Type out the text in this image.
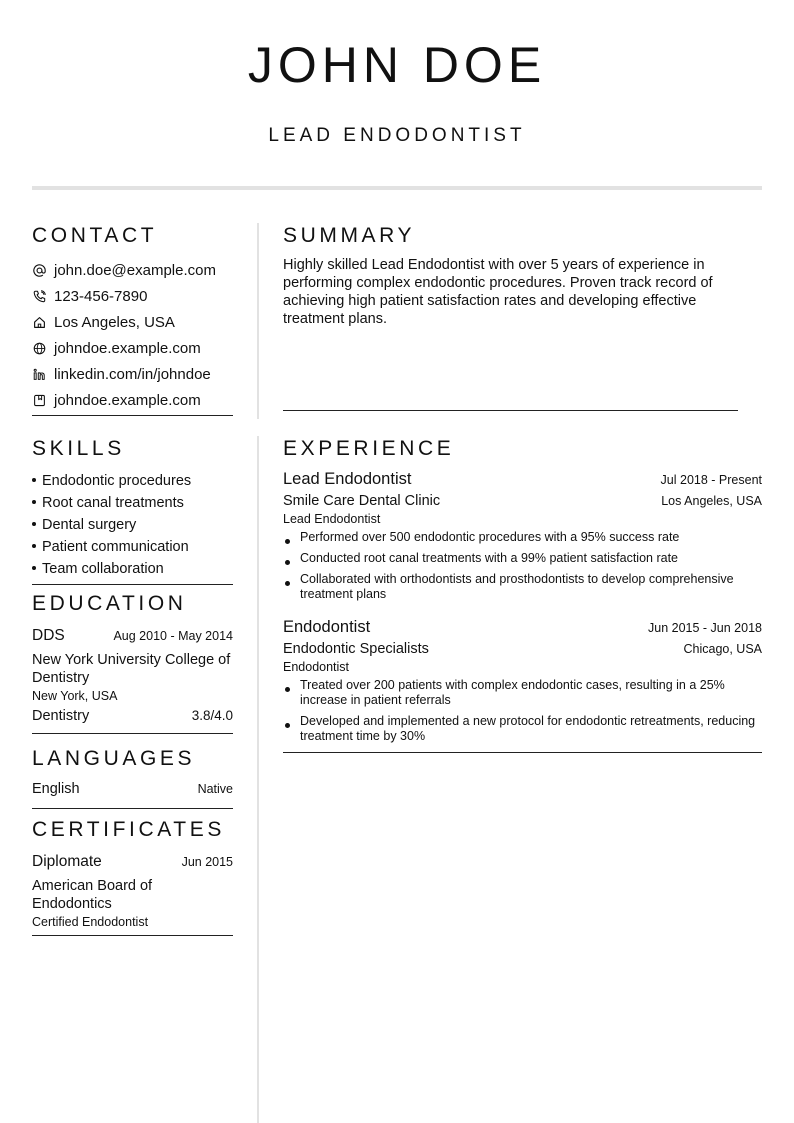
JOHN DOE
LEAD ENDODONTIST
CONTACT
john.doe@example.com
123-456-7890
Los Angeles, USA
johndoe.example.com
linkedin.com/in/johndoe
johndoe.example.com
SUMMARY

Highly skilled Lead Endodontist with over 5 years of experience in performing complex endodontic procedures. Proven track record of achieving high patient satisfaction rates and developing effective treatment plans.

SKILLS
Endodontic procedures
Root canal treatments
Dental surgery
Patient communication
Team collaboration
EDUCATION
DDS	Aug 2010 - May 2014
New York University College of Dentistry
New York, USA
Dentistry	3.8/4.0
LANGUAGES
English	Native
CERTIFICATES
Diplomate	Jun 2015
American Board of Endodontics
Certified Endodontist
EXPERIENCE
Lead Endodontist	Jul 2018 - Present
Smile Care Dental Clinic	Los Angeles, USA
Lead Endodontist
Performed over 500 endodontic procedures with a 95% success rate
Conducted root canal treatments with a 99% patient satisfaction rate
Collaborated with orthodontists and prosthodontists to develop comprehensive treatment plans
Endodontist	Jun 2015 - Jun 2018
Endodontic Specialists	Chicago, USA
Endodontist
Treated over 200 patients with complex endodontic cases, resulting in a 25% increase in patient referrals
Developed and implemented a new protocol for endodontic retreatments, reducing treatment time by 30%
